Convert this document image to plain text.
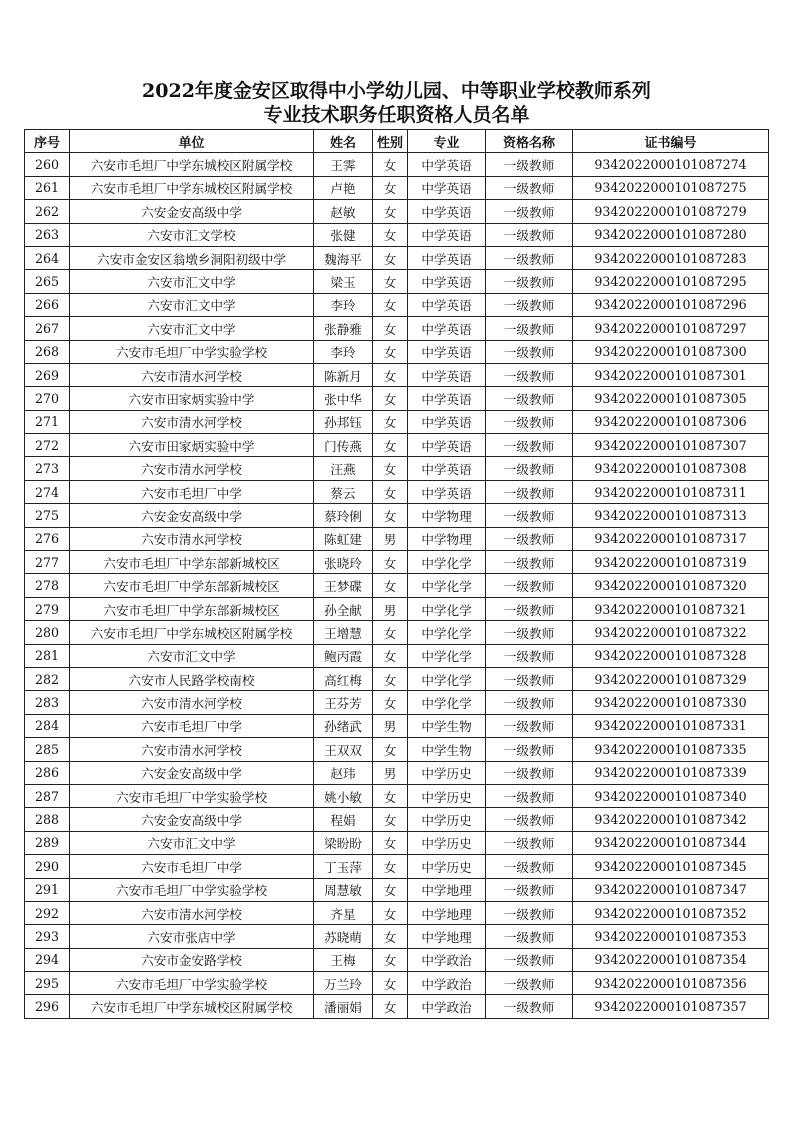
2022年度金安区取得中小学幼儿园、中等职业学校教师系列
专业技术职务任职资格人员名单
序号	单位	姓名	性别	专业	资格名称	证书编号
260	六安市毛坦厂中学东城校区附属学校	王霁	女	中学英语	一级教师	9342022000101087274
261	六安市毛坦厂中学东城校区附属学校	卢艳	女	中学英语	一级教师	9342022000101087275
262	六安金安高级中学	赵敏	女	中学英语	一级教师	9342022000101087279
263	六安市汇文学校	张健	女	中学英语	一级教师	9342022000101087280
264	六安市金安区翁墩乡洞阳初级中学	魏海平	女	中学英语	一级教师	9342022000101087283
265	六安市汇文中学	梁玉	女	中学英语	一级教师	9342022000101087295
266	六安市汇文中学	李玲	女	中学英语	一级教师	9342022000101087296
267	六安市汇文中学	张静雅	女	中学英语	一级教师	9342022000101087297
268	六安市毛坦厂中学实验学校	李玲	女	中学英语	一级教师	9342022000101087300
269	六安市清水河学校	陈新月	女	中学英语	一级教师	9342022000101087301
270	六安市田家炳实验中学	张中华	女	中学英语	一级教师	9342022000101087305
271	六安市清水河学校	孙邦钰	女	中学英语	一级教师	9342022000101087306
272	六安市田家炳实验中学	门传燕	女	中学英语	一级教师	9342022000101087307
273	六安市清水河学校	汪燕	女	中学英语	一级教师	9342022000101087308
274	六安市毛坦厂中学	蔡云	女	中学英语	一级教师	9342022000101087311
275	六安金安高级中学	蔡玲俐	女	中学物理	一级教师	9342022000101087313
276	六安市清水河学校	陈虹建	男	中学物理	一级教师	9342022000101087317
277	六安市毛坦厂中学东部新城校区	张晓玲	女	中学化学	一级教师	9342022000101087319
278	六安市毛坦厂中学东部新城校区	王梦碟	女	中学化学	一级教师	9342022000101087320
279	六安市毛坦厂中学东部新城校区	孙全献	男	中学化学	一级教师	9342022000101087321
280	六安市毛坦厂中学东城校区附属学校	王增慧	女	中学化学	一级教师	9342022000101087322
281	六安市汇文中学	鲍丙霞	女	中学化学	一级教师	9342022000101087328
282	六安市人民路学校南校	高红梅	女	中学化学	一级教师	9342022000101087329
283	六安市清水河学校	王芬芳	女	中学化学	一级教师	9342022000101087330
284	六安市毛坦厂中学	孙绪武	男	中学生物	一级教师	9342022000101087331
285	六安市清水河学校	王双双	女	中学生物	一级教师	9342022000101087335
286	六安金安高级中学	赵玮	男	中学历史	一级教师	9342022000101087339
287	六安市毛坦厂中学实验学校	姚小敏	女	中学历史	一级教师	9342022000101087340
288	六安金安高级中学	程娟	女	中学历史	一级教师	9342022000101087342
289	六安市汇文中学	梁盼盼	女	中学历史	一级教师	9342022000101087344
290	六安市毛坦厂中学	丁玉萍	女	中学历史	一级教师	9342022000101087345
291	六安市毛坦厂中学实验学校	周慧敏	女	中学地理	一级教师	9342022000101087347
292	六安市清水河学校	齐星	女	中学地理	一级教师	9342022000101087352
293	六安市张店中学	苏晓萌	女	中学地理	一级教师	9342022000101087353
294	六安市金安路学校	王梅	女	中学政治	一级教师	9342022000101087354
295	六安市毛坦厂中学实验学校	万兰玲	女	中学政治	一级教师	9342022000101087356
296	六安市毛坦厂中学东城校区附属学校	潘丽娟	女	中学政治	一级教师	9342022000101087357
